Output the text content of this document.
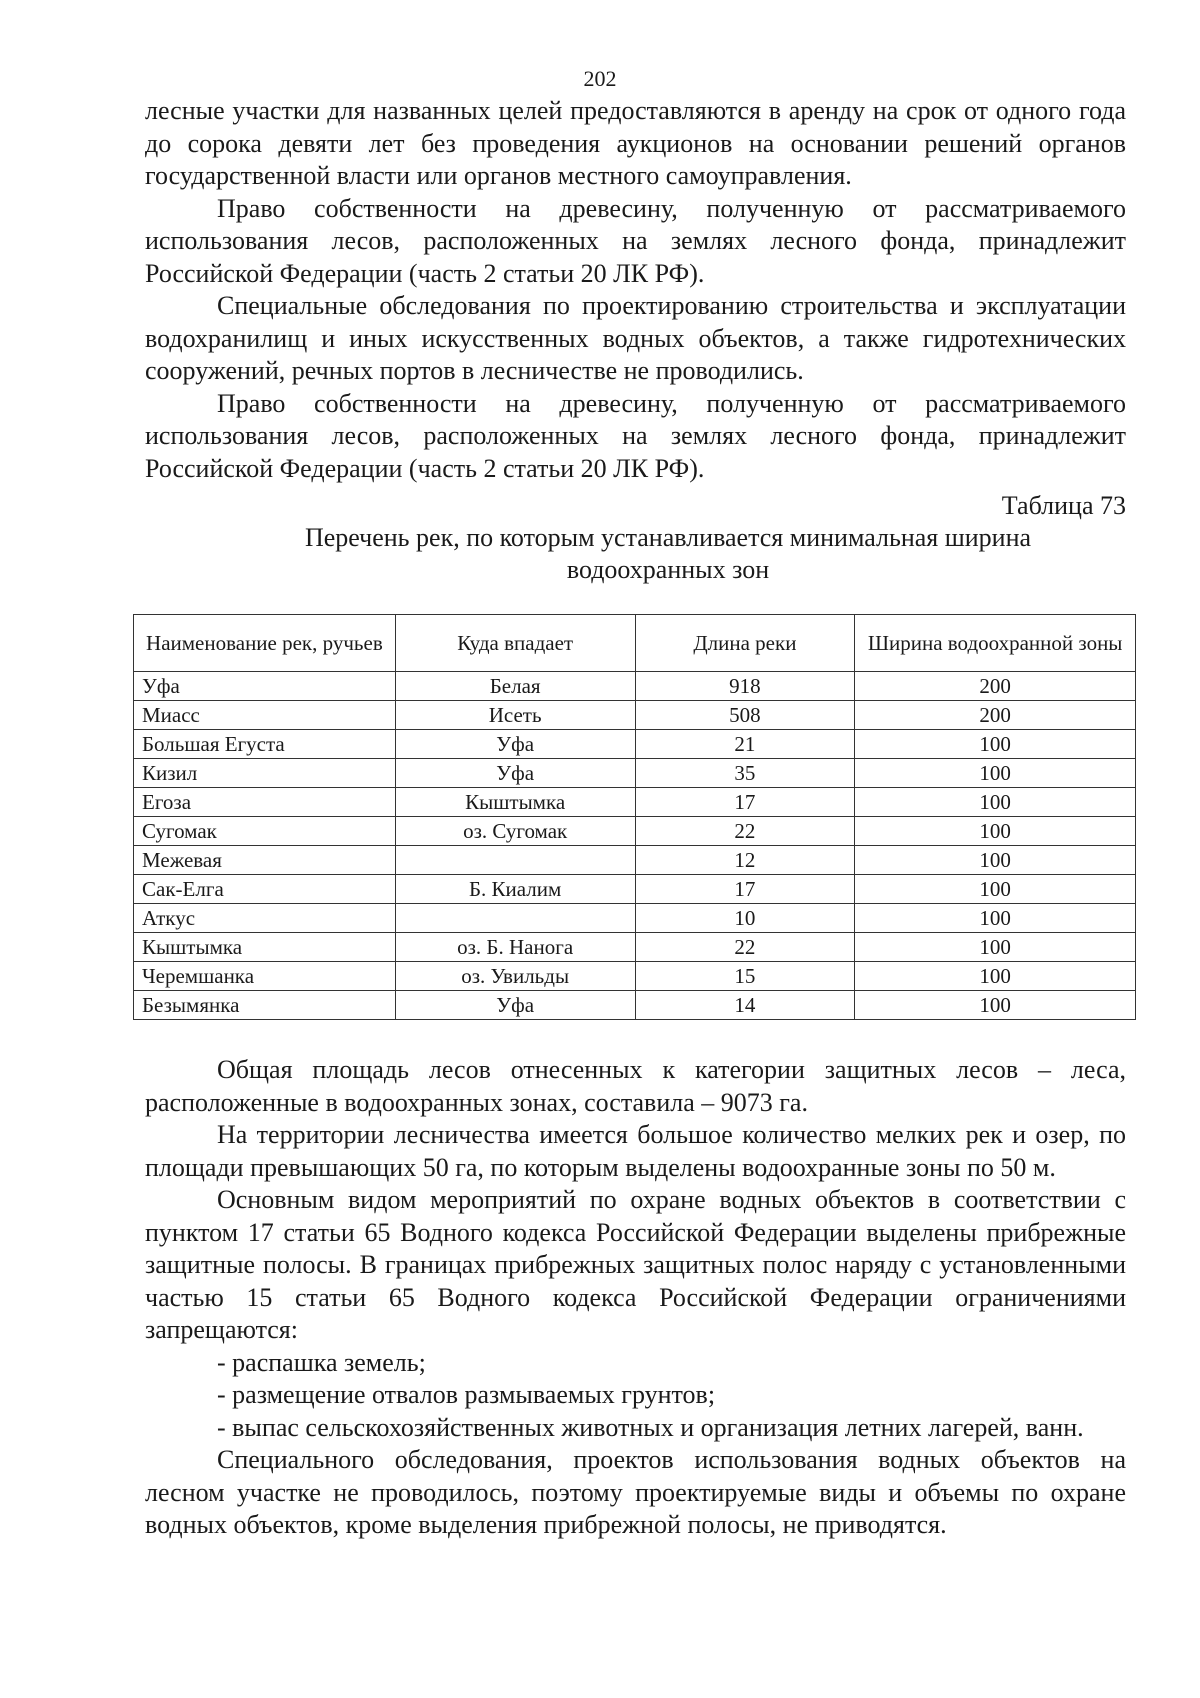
202

лесные участки для названных целей предоставляются в аренду на срок от одного года до сорока девяти лет без проведения аукционов на основании решений органов государственной власти или органов местного самоуправления.

Право собственности на древесину, полученную от рассматриваемого использования лесов, расположенных на землях лесного фонда, принадлежит Российской Федерации (часть 2 статьи 20 ЛК РФ).

Специальные обследования по проектированию строительства и эксплуатации водохранилищ и иных искусственных водных объектов, а также гидротехнических сооружений, речных портов в лесничестве не проводились.

Право собственности на древесину, полученную от рассматриваемого использования лесов, расположенных на землях лесного фонда, принадлежит Российской Федерации (часть 2 статьи 20 ЛК РФ).

Таблица 73
Перечень рек, по которым устанавливается минимальная ширина водоохранных зон
Наименование рек, ручьев	Куда впадает	Длина реки	Ширина водоохранной зоны
Уфа	Белая	918	200
Миасс	Исеть	508	200
Большая Егуста	Уфа	21	100
Кизил	Уфа	35	100
Егоза	Кыштымка	17	100
Сугомак	оз. Сугомак	22	100
Межевая		12	100
Сак-Елга	Б. Киалим	17	100
Аткус		10	100
Кыштымка	оз. Б. Нанога	22	100
Черемшанка	оз. Увильды	15	100
Безымянка	Уфа	14	100

Общая площадь лесов отнесенных к категории защитных лесов – леса, расположенные в водоохранных зонах, составила – 9073 га.

На территории лесничества имеется большое количество мелких рек и озер, по площади превышающих 50 га, по которым выделены водоохранные зоны по 50 м.

Основным видом мероприятий по охране водных объектов в соответствии с пунктом 17 статьи 65 Водного кодекса Российской Федерации выделены прибрежные защитные полосы. В границах прибрежных защитных полос наряду с установленными частью 15 статьи 65 Водного кодекса Российской Федерации ограничениями запрещаются:

- распашка земель;

- размещение отвалов размываемых грунтов;

- выпас сельскохозяйственных животных и организация летних лагерей, ванн.

Специального обследования, проектов использования водных объектов на лесном участке не проводилось, поэтому проектируемые виды и объемы по охране водных объектов, кроме выделения прибрежной полосы, не приводятся.
